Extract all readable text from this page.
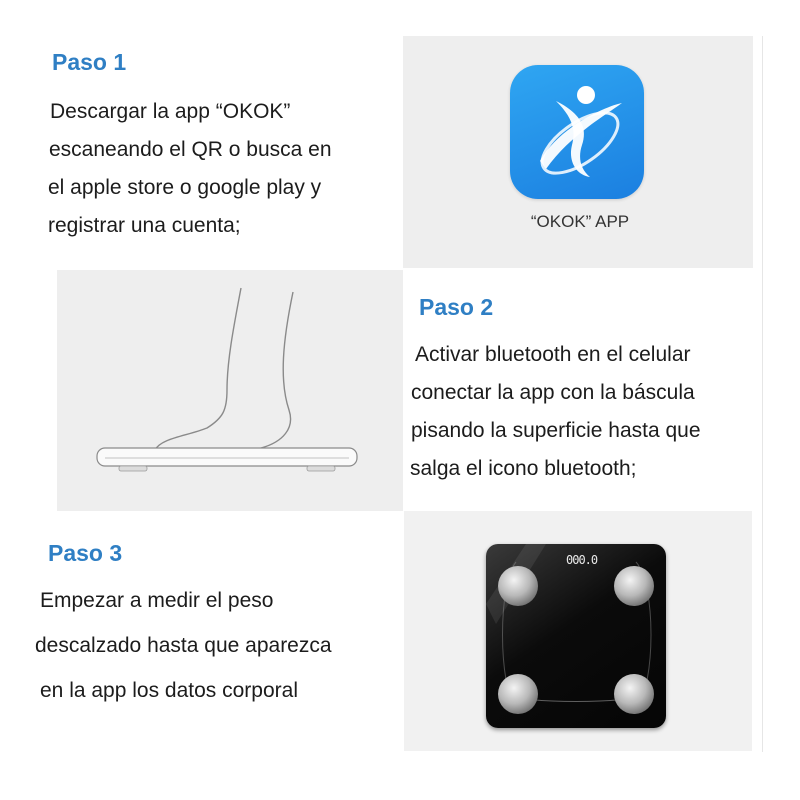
Paso 1

Descargar la app “OKOK”
escaneando el QR o busca en
el apple store o google play y
registrar una cuenta;	“OKOK” APP
Paso 2

Activar bluetooth en el celular
conectar la app con la báscula
pisando la superficie hasta que
salga el icono bluetooth;

Paso 3

Empezar a medir el peso
descalzado hasta que aparezca
en la app los datos corporal

000.0
